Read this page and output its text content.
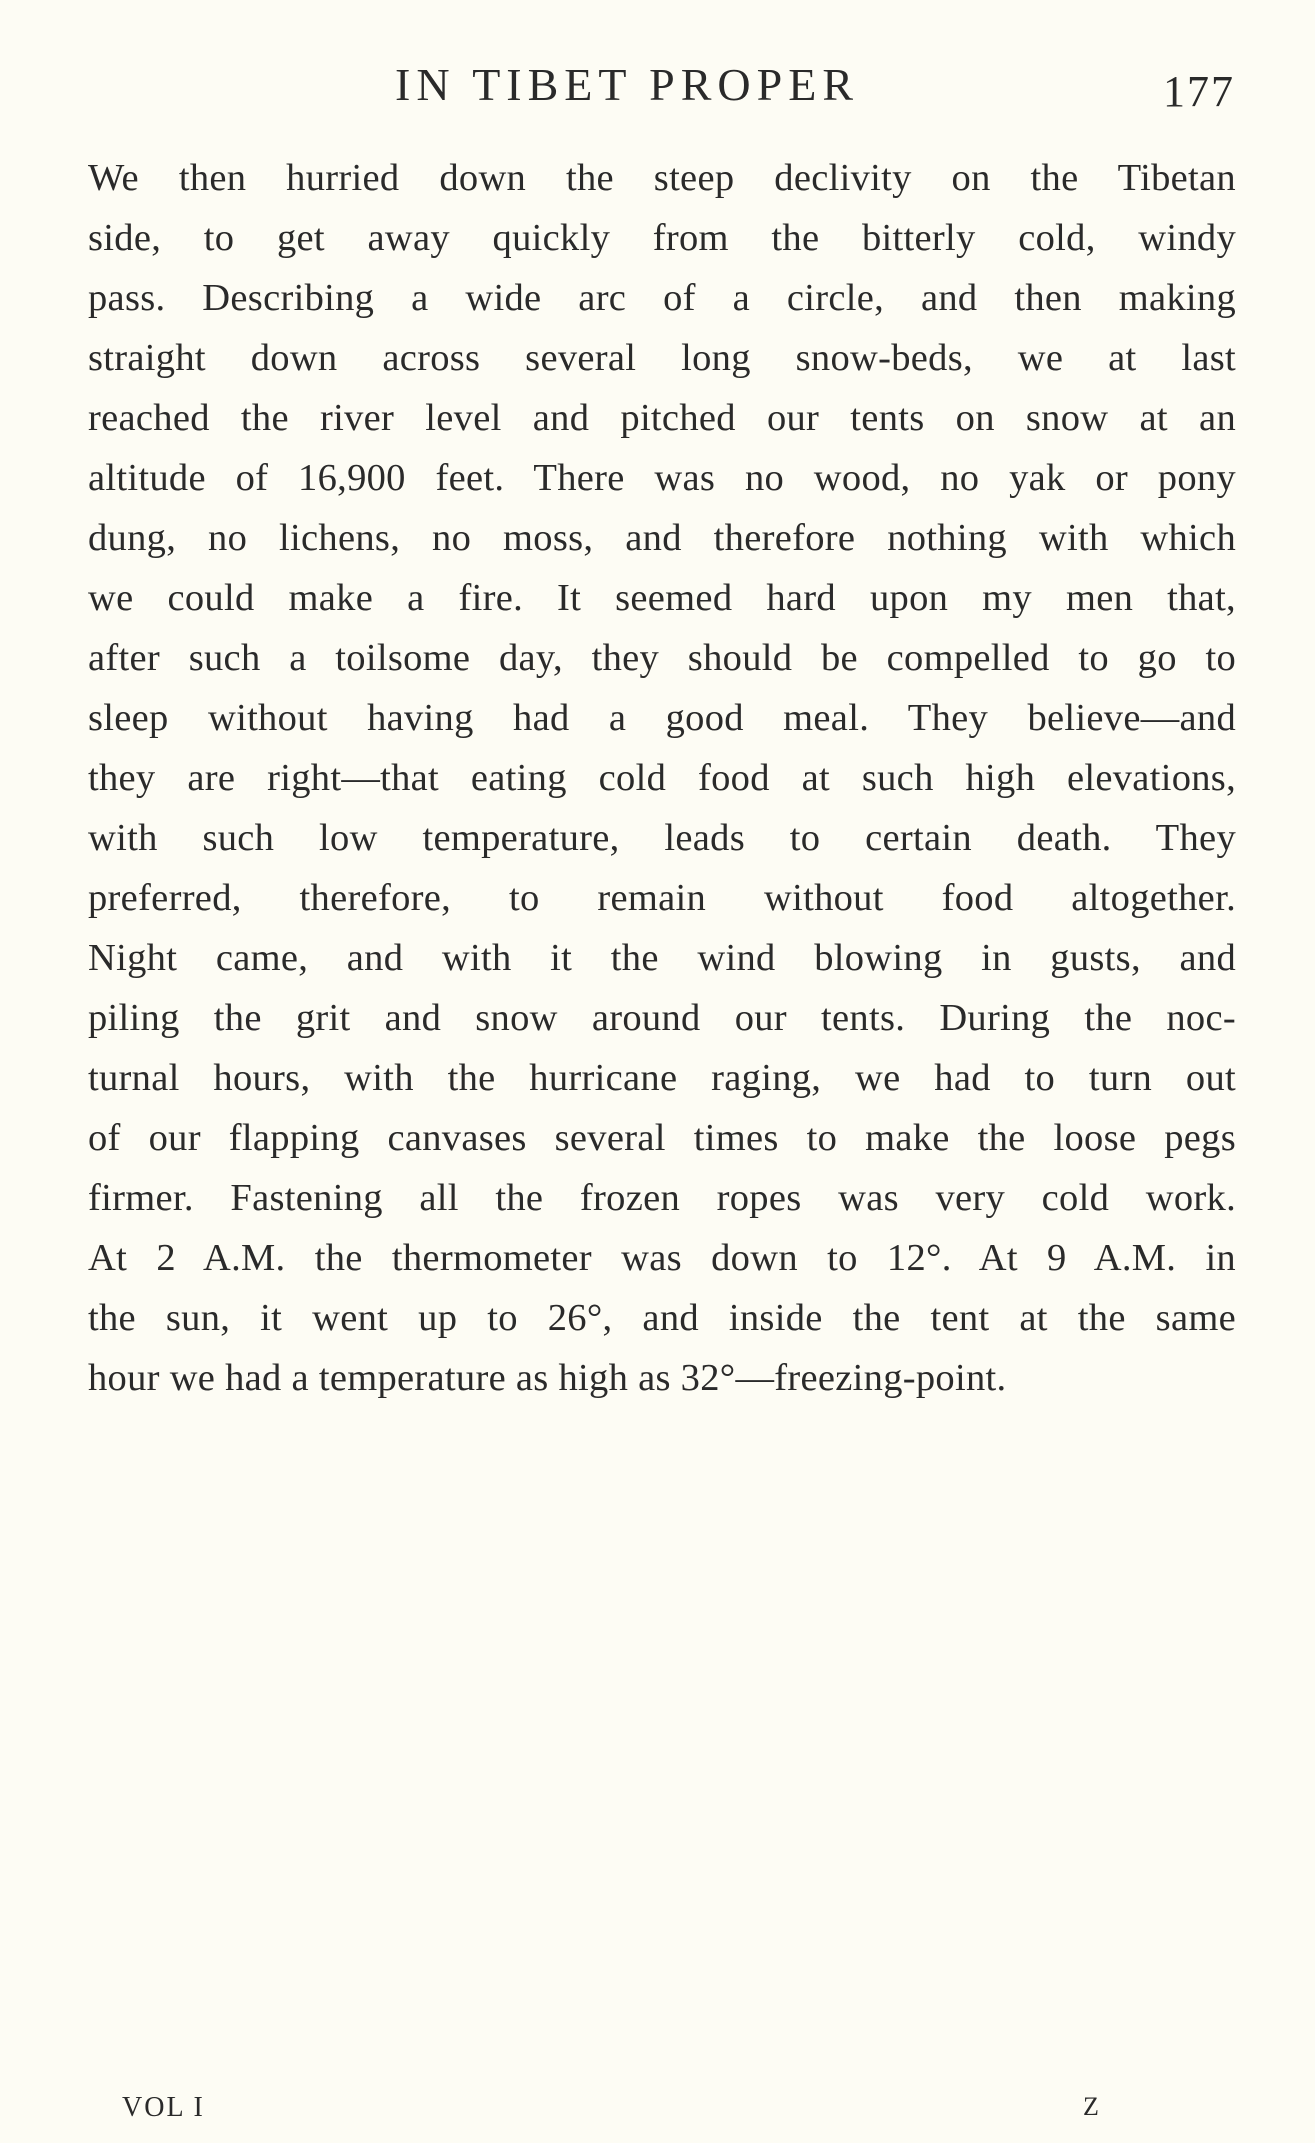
IN TIBET PROPER	177
We then hurried down the steep declivity on the Tibetan
side, to get away quickly from the bitterly cold, windy
pass. Describing a wide arc of a circle, and then making
straight down across several long snow-beds, we at last
reached the river level and pitched our tents on snow at an
altitude of 16,900 feet. There was no wood, no yak or pony
dung, no lichens, no moss, and therefore nothing with which
we could make a fire. It seemed hard upon my men that,
after such a toilsome day, they should be compelled to go to
sleep without having had a good meal. They believe—and
they are right—that eating cold food at such high elevations,
with such low temperature, leads to certain death. They
preferred, therefore, to remain without food altogether.
Night came, and with it the wind blowing in gusts, and
piling the grit and snow around our tents. During the noc-
turnal hours, with the hurricane raging, we had to turn out
of our flapping canvases several times to make the loose pegs
firmer. Fastening all the frozen ropes was very cold work.
At 2 A.M. the thermometer was down to 12°. At 9 A.M. in
the sun, it went up to 26°, and inside the tent at the same
hour we had a temperature as high as 32°—freezing-point.
VOL I	Z
